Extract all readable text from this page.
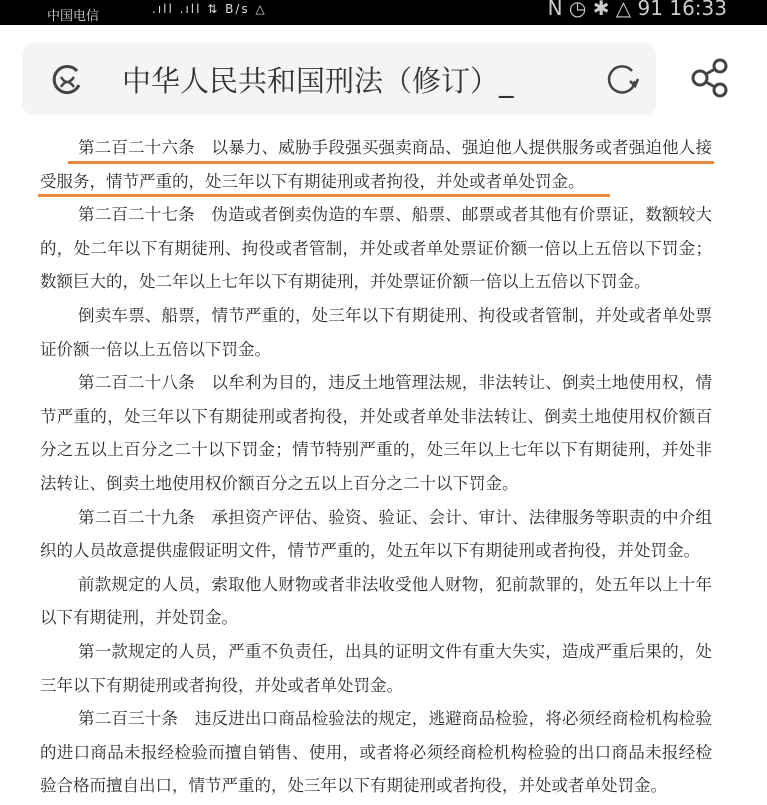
中国电信	.ıll .ıll ⇅ B/s △	N ◷ ✱ △ 91 16:33
中华人民共和国刑法（修订）_
第二百二十六条　以暴力、威胁手段强买强卖商品、强迫他人提供服务或者强迫他人接
受服务，情节严重的，处三年以下有期徒刑或者拘役，并处或者单处罚金。
第二百二十七条　伪造或者倒卖伪造的车票、船票、邮票或者其他有价票证，数额较大
的，处二年以下有期徒刑、拘役或者管制，并处或者单处票证价额一倍以上五倍以下罚金；
数额巨大的，处二年以上七年以下有期徒刑，并处票证价额一倍以上五倍以下罚金。
倒卖车票、船票，情节严重的，处三年以下有期徒刑、拘役或者管制，并处或者单处票
证价额一倍以上五倍以下罚金。
第二百二十八条　以牟利为目的，违反土地管理法规，非法转让、倒卖土地使用权，情
节严重的，处三年以下有期徒刑或者拘役，并处或者单处非法转让、倒卖土地使用权价额百
分之五以上百分之二十以下罚金；情节特别严重的，处三年以上七年以下有期徒刑，并处非
法转让、倒卖土地使用权价额百分之五以上百分之二十以下罚金。
第二百二十九条　承担资产评估、验资、验证、会计、审计、法律服务等职责的中介组
织的人员故意提供虚假证明文件，情节严重的，处五年以下有期徒刑或者拘役，并处罚金。
前款规定的人员，索取他人财物或者非法收受他人财物，犯前款罪的，处五年以上十年
以下有期徒刑，并处罚金。
第一款规定的人员，严重不负责任，出具的证明文件有重大失实，造成严重后果的，处
三年以下有期徒刑或者拘役，并处或者单处罚金。
第二百三十条　违反进出口商品检验法的规定，逃避商品检验，将必须经商检机构检验
的进口商品未报经检验而擅自销售、使用，或者将必须经商检机构检验的出口商品未报经检
验合格而擅自出口，情节严重的，处三年以下有期徒刑或者拘役，并处或者单处罚金。
